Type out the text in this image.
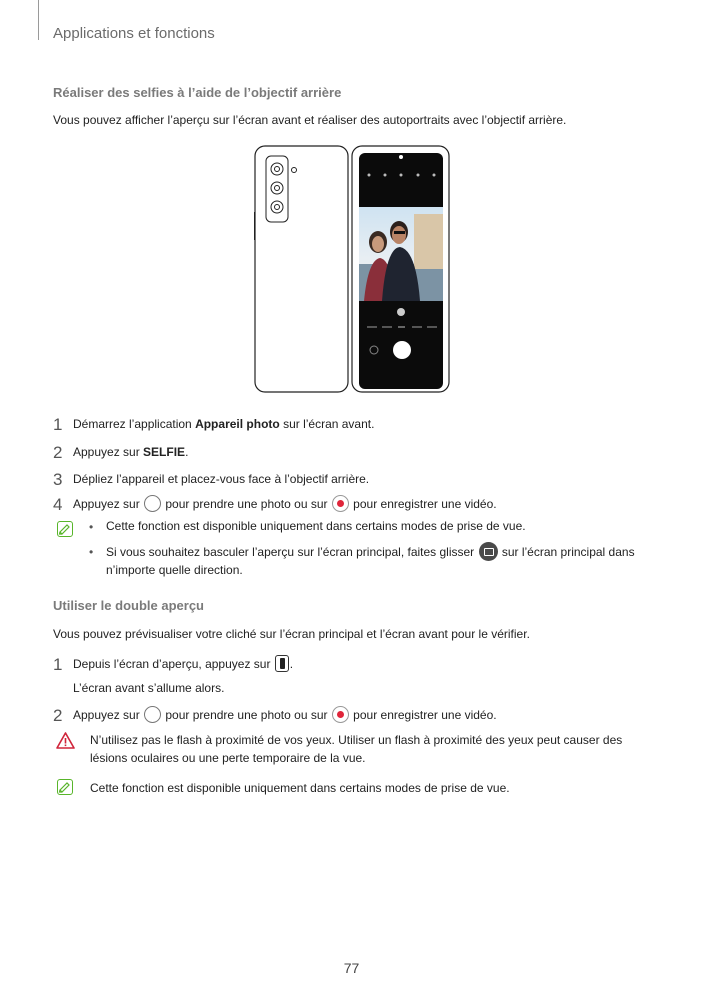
Applications et fonctions
Réaliser des selfies à l’aide de l’objectif arrière
Vous pouvez afficher l’aperçu sur l’écran avant et réaliser des autoportraits avec l’objectif arrière.
1 Démarrez l’application Appareil photo sur l’écran avant.
2 Appuyez sur SELFIE.
3 Dépliez l’appareil et placez-vous face à l’objectif arrière.
4 Appuyez sur  pour prendre une photo ou sur  pour enregistrer une vidéo.
• Cette fonction est disponible uniquement dans certains modes de prise de vue.
• Si vous souhaitez basculer l’aperçu sur l’écran principal, faites glisser  sur l’écran principal dans
n’importe quelle direction.
Utiliser le double aperçu
Vous pouvez prévisualiser votre cliché sur l’écran principal et l’écran avant pour le vérifier.
1 Depuis l’écran d’aperçu, appuyez sur .
L’écran avant s’allume alors.
2 Appuyez sur  pour prendre une photo ou sur  pour enregistrer une vidéo.
N’utilisez pas le flash à proximité de vos yeux. Utiliser un flash à proximité des yeux peut causer des
lésions oculaires ou une perte temporaire de la vue.
Cette fonction est disponible uniquement dans certains modes de prise de vue.
77
